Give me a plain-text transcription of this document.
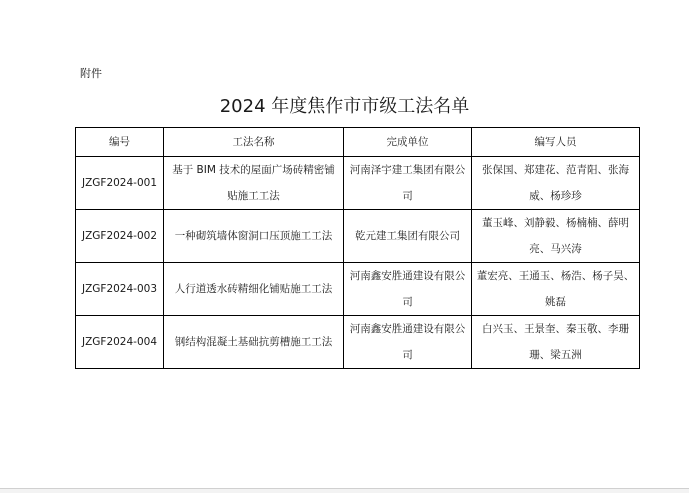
附件
2024 年度焦作市市级工法名单
编号	工法名称	完成单位	编写人员
JZGF2024-001	基于 BIM 技术的屋面广场砖精密铺贴施工工法	河南泽宇建工集团有限公司	张保国、郑建花、范青阳、张海威、杨珍珍
JZGF2024-002	一种砌筑墙体窗洞口压顶施工工法	乾元建工集团有限公司	董玉峰、刘静毅、杨楠楠、薛明亮、马兴涛
JZGF2024-003	人行道透水砖精细化铺贴施工工法	河南鑫安胜通建设有限公司	董宏亮、王通玉、杨浩、杨子昊、姚磊
JZGF2024-004	钢结构混凝土基础抗剪槽施工工法	河南鑫安胜通建设有限公司	白兴玉、王景奎、秦玉敬、李珊珊、梁五洲
